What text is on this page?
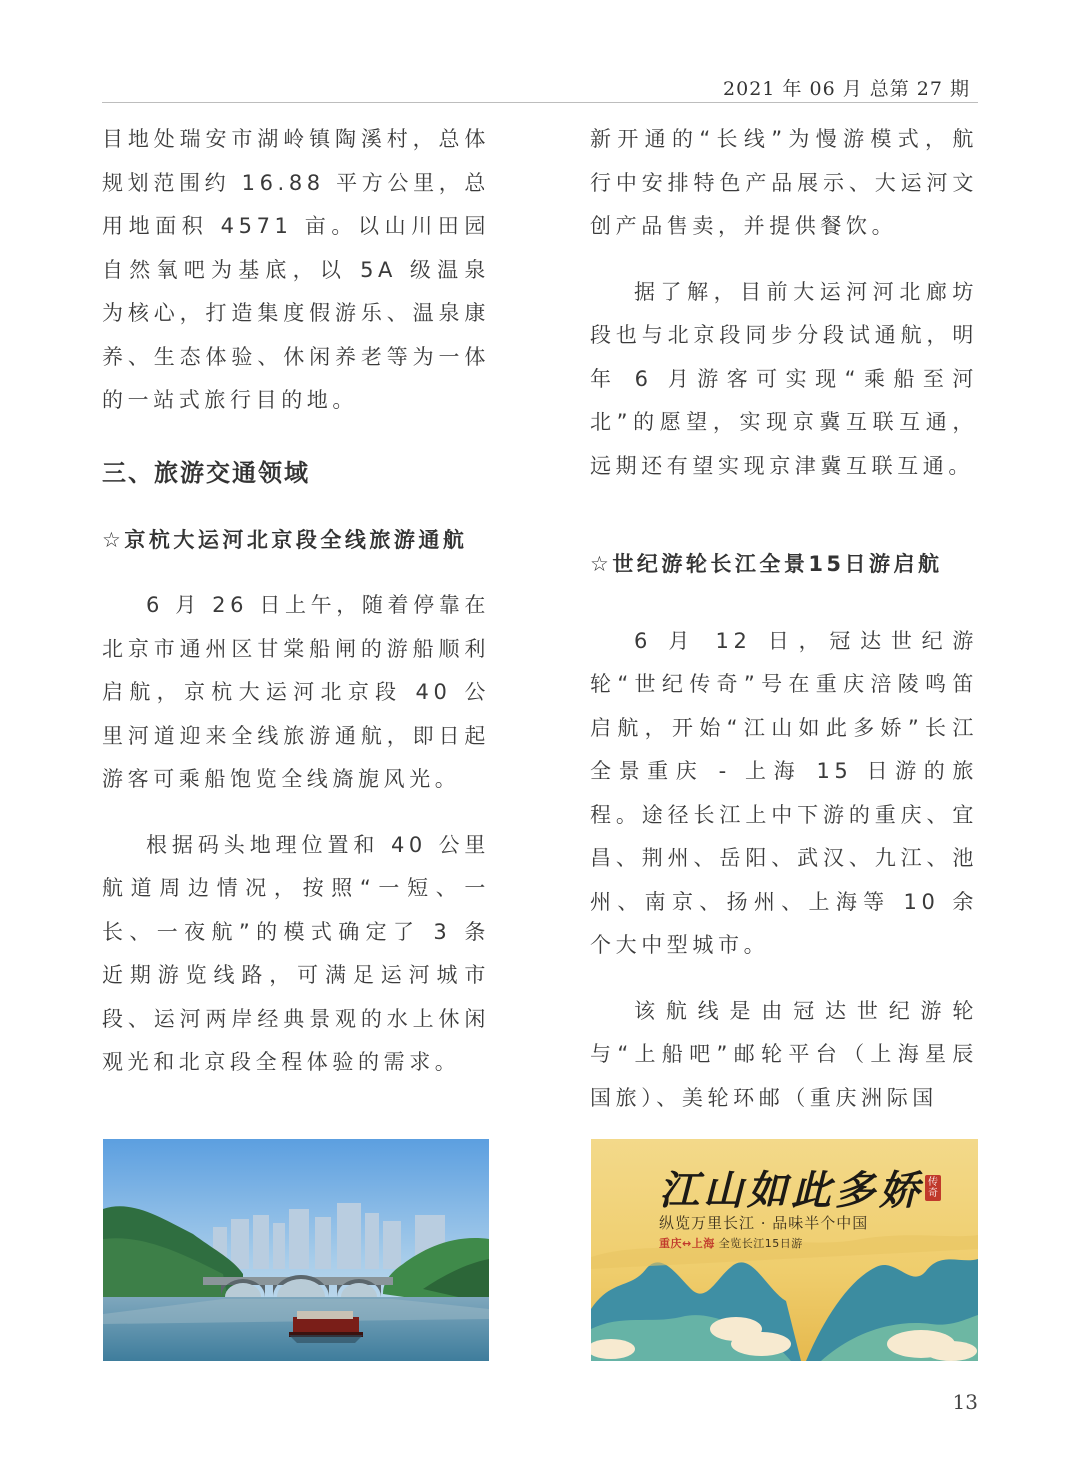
2021 年 06 月 总第 27 期

目地处瑞安市湖岭镇陶溪村，总体规划范围约 16.88 平方公里，总用地面积 4571 亩。以山川田园自然氧吧为基底，以 5A 级温泉为核心，打造集度假游乐、温泉康养、生态体验、休闲养老等为一体的一站式旅行目的地。

三、旅游交通领域

☆京杭大运河北京段全线旅游通航

6 月 26 日上午，随着停靠在北京市通州区甘棠船闸的游船顺利启航，京杭大运河北京段 40 公里河道迎来全线旅游通航，即日起游客可乘船饱览全线旖旎风光。

根据码头地理位置和 40 公里航道周边情况，按照“一短、一长、一夜航”的模式确定了 3 条近期游览线路，可满足运河城市段、运河两岸经典景观的水上休闲观光和北京段全程体验的需求。

新开通的“长线”为慢游模式，航行中安排特色产品展示、大运河文创产品售卖，并提供餐饮。

据了解，目前大运河河北廊坊段也与北京段同步分段试通航，明年 6 月游客可实现“乘船至河北”的愿望，实现京冀互联互通，远期还有望实现京津冀互联互通。

☆世纪游轮长江全景15日游启航

6 月 12 日，冠达世纪游轮“世纪传奇”号在重庆涪陵鸣笛启航，开始“江山如此多娇”长江全景重庆 - 上海 15 日游的旅程。途径长江上中下游的重庆、宜昌、荆州、岳阳、武汉、九江、池州、南京、扬州、上海等 10 余个大中型城市。

该航线是由冠达世纪游轮与“上船吧”邮轮平台（上海星辰国旅）、美轮环邮（重庆洲际国

江山如此多娇 传奇
纵览万里长江 · 品味半个中国
重庆↔上海 全览长江15日游
13
